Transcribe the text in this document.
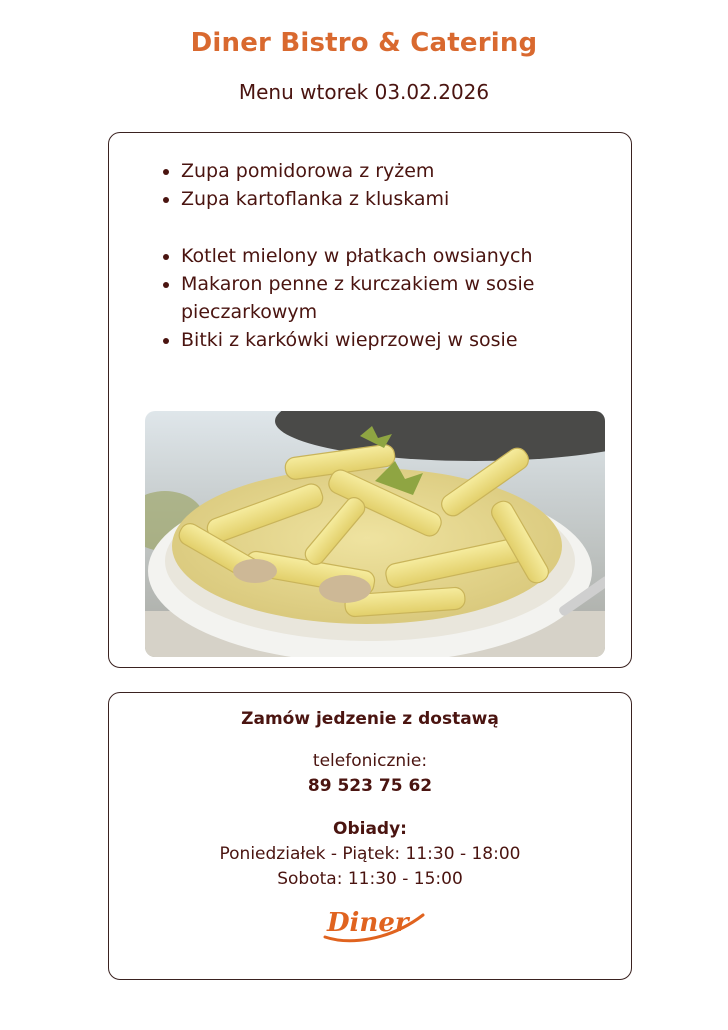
Diner Bistro & Catering
Menu wtorek 03.02.2026
• Zupa pomidorowa z ryżem
• Zupa kartoflanka z kluskami
• Kotlet mielony w płatkach owsianych
• Makaron penne z kurczakiem w sosie pieczarkowym
• Bitki z karkówki wieprzowej w sosie
Zamów jedzenie z dostawą
telefonicznie:
89 523 75 62
Obiady:
Poniedziałek - Piątek: 11:30 - 18:00
Sobota: 11:30 - 15:00
Diner
